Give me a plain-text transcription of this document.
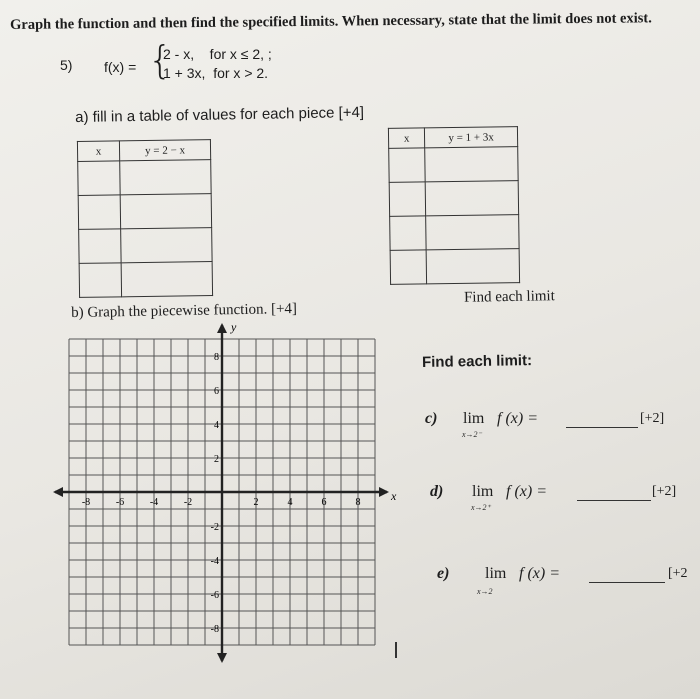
Graph the function and then find the specified limits. When necessary, state that the limit does not exist.
5) f(x) = {
2 - x,    for x ≤ 2, ;
1 + 3x,  for x > 2.
a) fill in a table of values for each piece [+4]
x	y = 2 − x

x	y = 1 + 3x

b) Graph the piecewise function. [+4]
Find each limit
Find each limit:
c) lim
x→2⁻
f (x) =	[+2]
d) lim
x→2⁺
f (x) =	[+2]
e) lim
x→2
f (x) =	[+2
x
y
-8	-6	-4	-2	2	4	6	8
8
6
4
2
-2
-4
-6
-8
